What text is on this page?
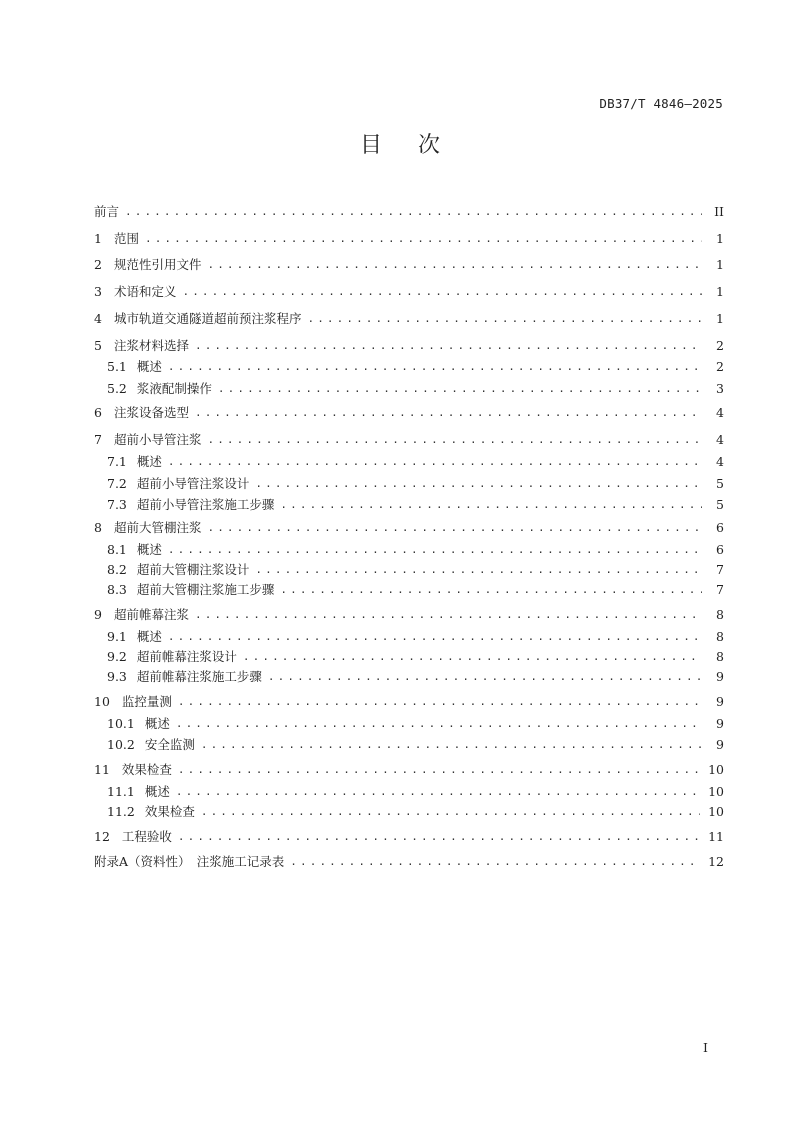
DB37/T 4846—2025
目次
前言 .....	II
1 范围 .....	1
2 规范性引用文件 .....	1
3 术语和定义 .....	1
4 城市轨道交通隧道超前预注浆程序 .....	1
5 注浆材料选择 .....	2
5.1 概述 .....	2
5.2 浆液配制操作 .....	3
6 注浆设备选型 .....	4
7 超前小导管注浆 .....	4
7.1 概述 .....	4
7.2 超前小导管注浆设计 .....	5
7.3 超前小导管注浆施工步骤 .....	5
8 超前大管棚注浆 .....	6
8.1 概述 .....	6
8.2 超前大管棚注浆设计 .....	7
8.3 超前大管棚注浆施工步骤 .....	7
9 超前帷幕注浆 .....	8
9.1 概述 .....	8
9.2 超前帷幕注浆设计 .....	8
9.3 超前帷幕注浆施工步骤 .....	9
10 监控量测 .....	9
10.1 概述 .....	9
10.2 安全监测 .....	9
11 效果检查 .....	10
11.1 概述 .....	10
11.2 效果检查 .....	10
12 工程验收 .....	11
附录A（资料性）　注浆施工记录表 .....	12
I
